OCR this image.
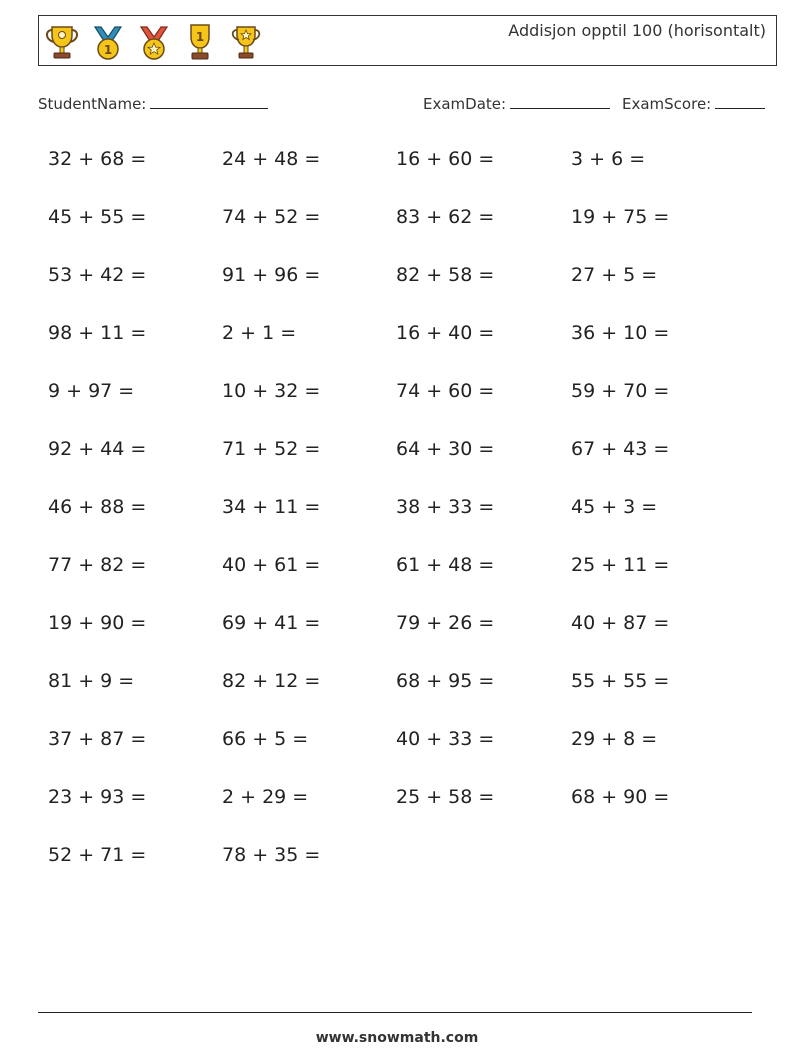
1
1	Addisjon opptil 100 (horisontalt)
StudentName:	ExamDate:	ExamScore:
32 + 68 =	24 + 48 =	16 + 60 =	3 + 6 =
45 + 55 =	74 + 52 =	83 + 62 =	19 + 75 =
53 + 42 =	91 + 96 =	82 + 58 =	27 + 5 =
98 + 11 =	2 + 1 =	16 + 40 =	36 + 10 =
9 + 97 =	10 + 32 =	74 + 60 =	59 + 70 =
92 + 44 =	71 + 52 =	64 + 30 =	67 + 43 =
46 + 88 =	34 + 11 =	38 + 33 =	45 + 3 =
77 + 82 =	40 + 61 =	61 + 48 =	25 + 11 =
19 + 90 =	69 + 41 =	79 + 26 =	40 + 87 =
81 + 9 =	82 + 12 =	68 + 95 =	55 + 55 =
37 + 87 =	66 + 5 =	40 + 33 =	29 + 8 =
23 + 93 =	2 + 29 =	25 + 58 =	68 + 90 =
52 + 71 =	78 + 35 =
www.snowmath.com
